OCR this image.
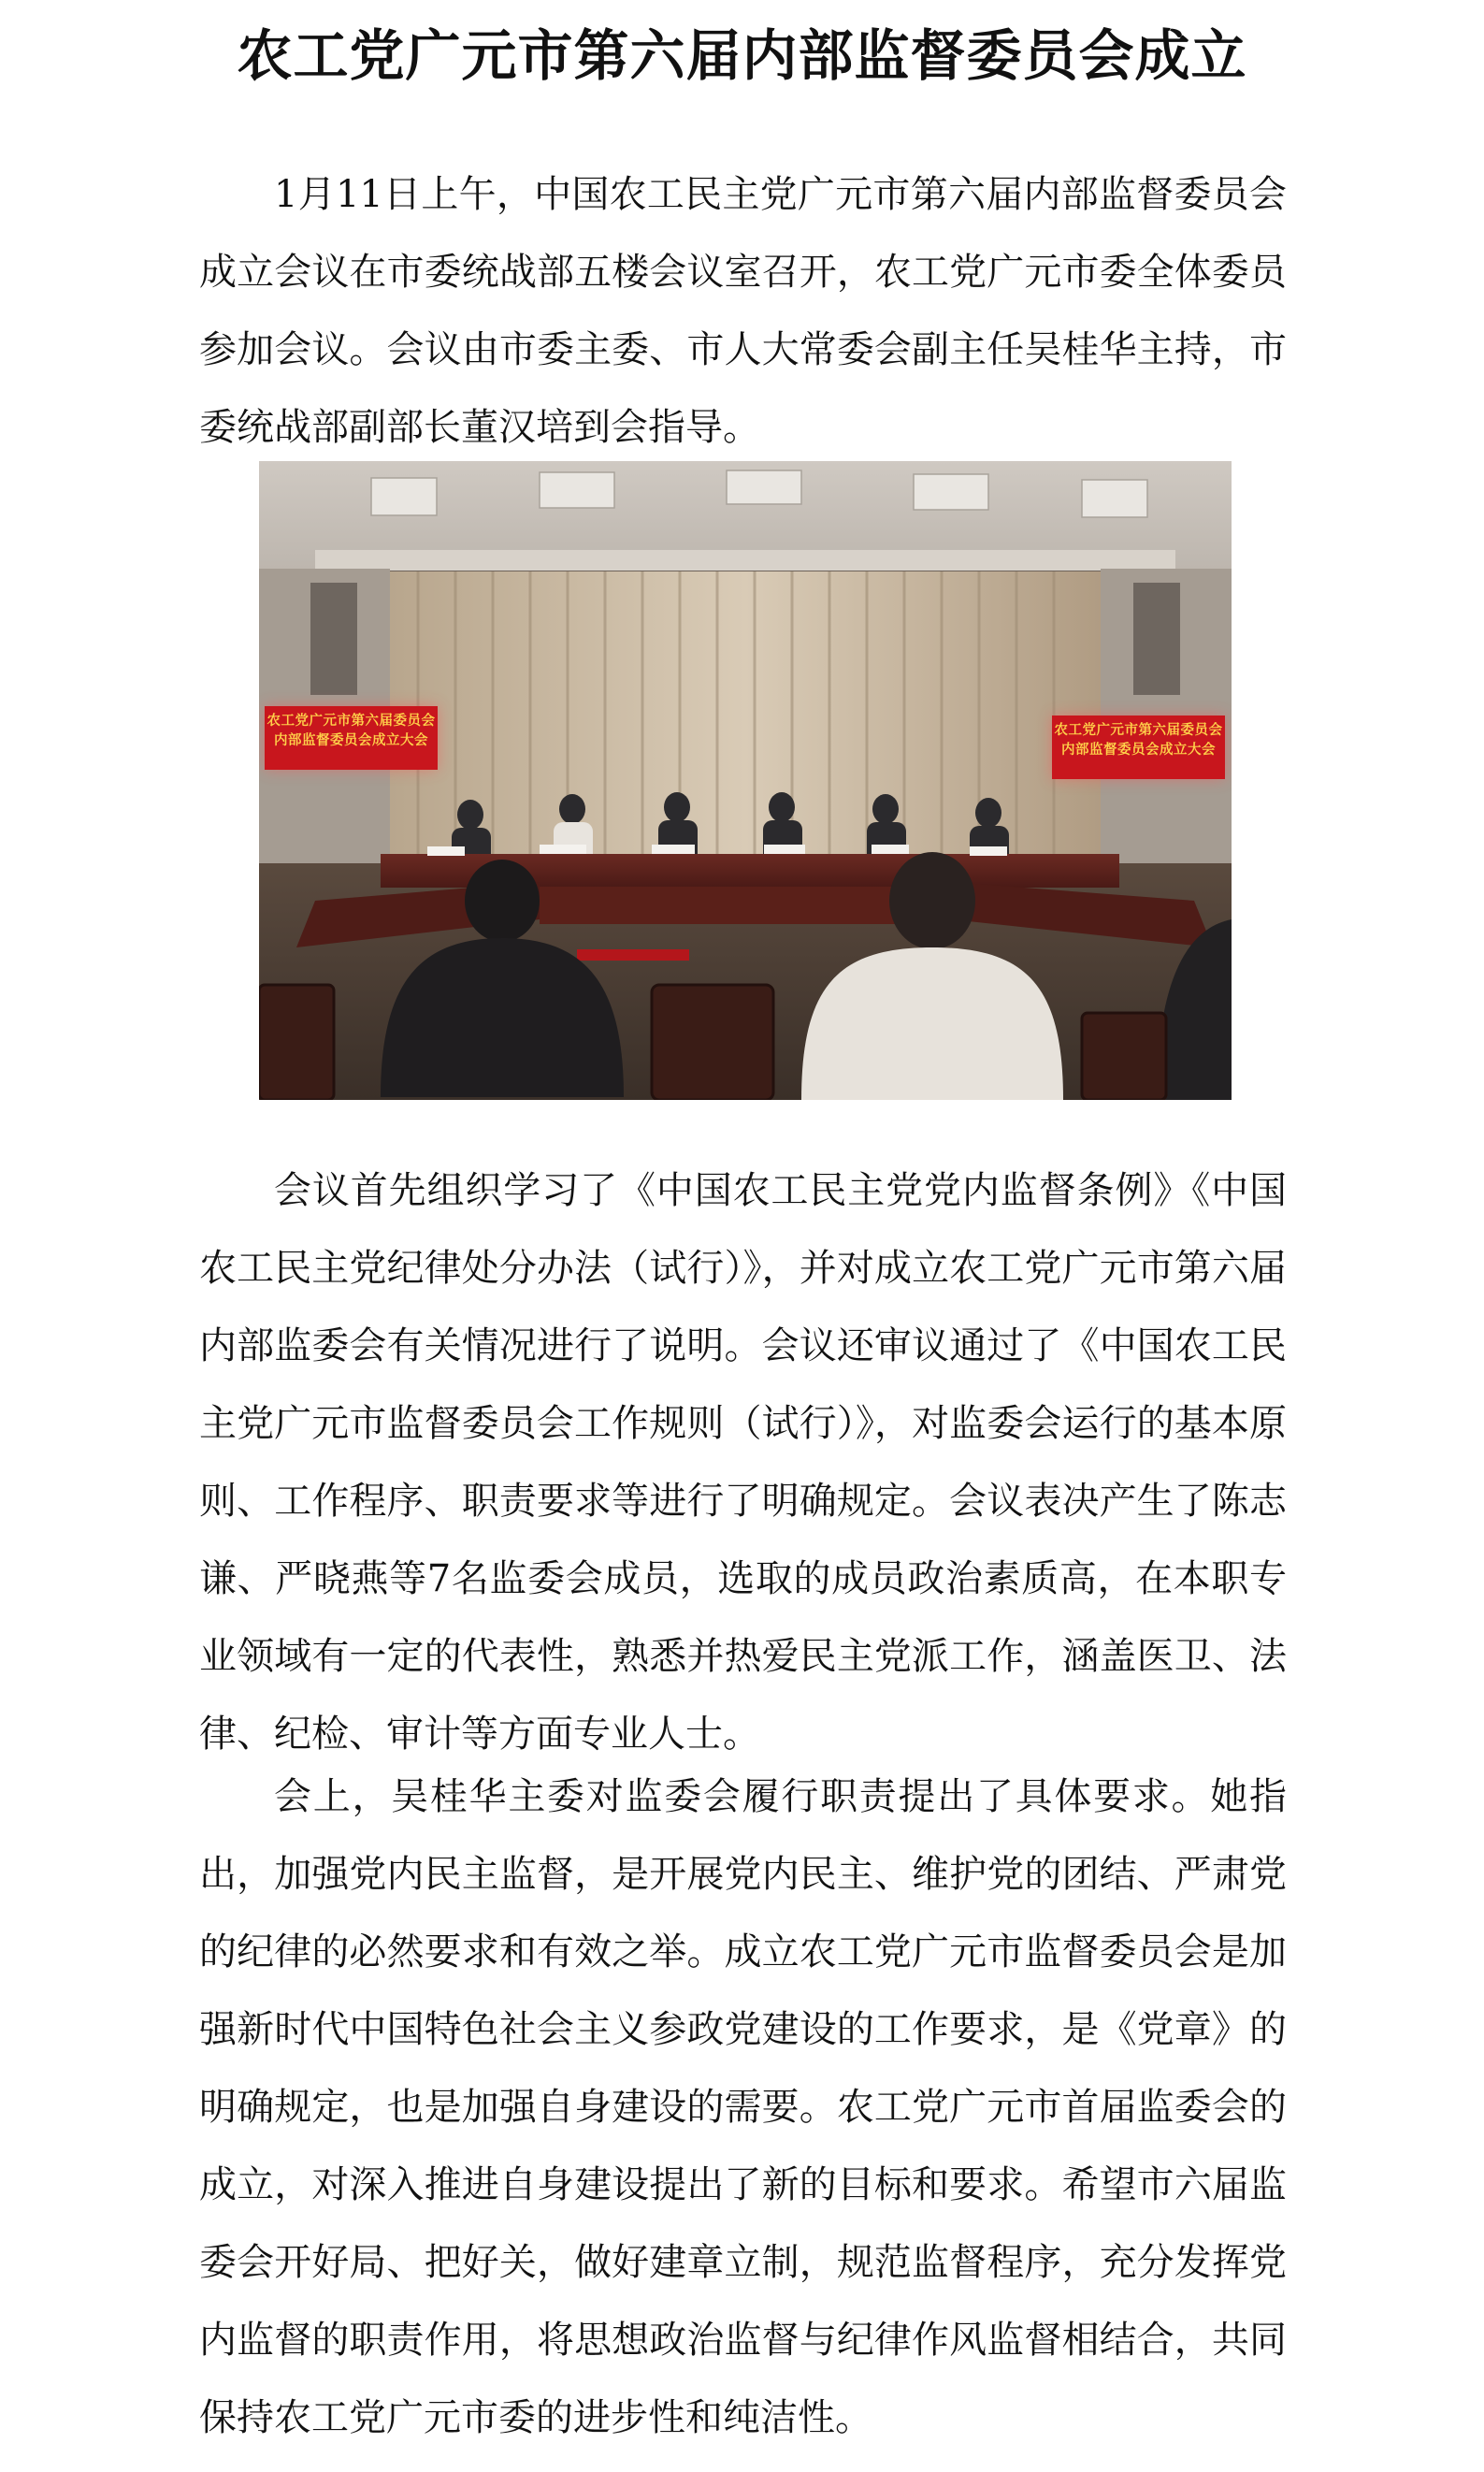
农工党广元市第六届内部监督委员会成立

1月11日上午，中国农工民主党广元市第六届内部监督委员会成立会议在市委统战部五楼会议室召开，农工党广元市委全体委员参加会议。会议由市委主委、市人大常委会副主任吴桂华主持，市委统战部副部长董汉培到会指导。

农工党广元市第六届委员会
内部监督委员会成立大会
农工党广元市第六届委员会
内部监督委员会成立大会

会议首先组织学习了《中国农工民主党党内监督条例》《中国农工民主党纪律处分办法（试行）》，并对成立农工党广元市第六届内部监委会有关情况进行了说明。会议还审议通过了《中国农工民主党广元市监督委员会工作规则（试行）》，对监委会运行的基本原则、工作程序、职责要求等进行了明确规定。会议表决产生了陈志谦、严晓燕等7名监委会成员，选取的成员政治素质高，在本职专业领域有一定的代表性，熟悉并热爱民主党派工作，涵盖医卫、法律、纪检、审计等方面专业人士。

会上，吴桂华主委对监委会履行职责提出了具体要求。她指出，加强党内民主监督，是开展党内民主、维护党的团结、严肃党的纪律的必然要求和有效之举。成立农工党广元市监督委员会是加强新时代中国特色社会主义参政党建设的工作要求，是《党章》的明确规定，也是加强自身建设的需要。农工党广元市首届监委会的成立，对深入推进自身建设提出了新的目标和要求。希望市六届监委会开好局、把好关，做好建章立制，规范监督程序，充分发挥党内监督的职责作用，将思想政治监督与纪律作风监督相结合，共同保持农工党广元市委的进步性和纯洁性。
